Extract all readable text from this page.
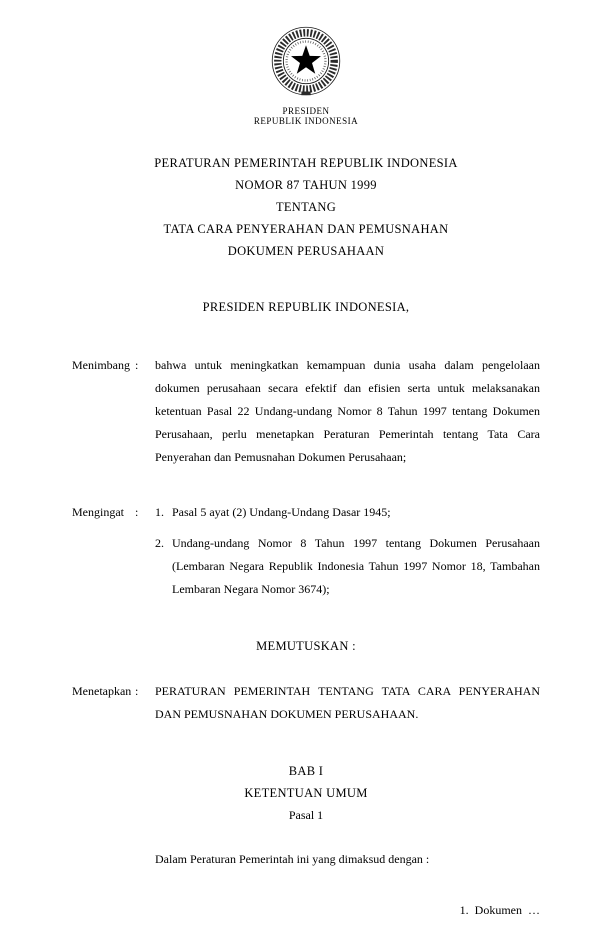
PRESIDEN
REPUBLIK INDONESIA
PERATURAN PEMERINTAH REPUBLIK INDONESIA
NOMOR 87 TAHUN 1999
TENTANG
TATA CARA PENYERAHAN DAN PEMUSNAHAN
DOKUMEN PERUSAHAAN
PRESIDEN REPUBLIK INDONESIA,
Menimbang :	bahwa untuk meningkatkan kemampuan dunia usaha dalam pengelolaan dokumen perusahaan secara efektif dan efisien serta untuk melaksanakan ketentuan Pasal 22 Undang-undang Nomor 8 Tahun 1997 tentang Dokumen Perusahaan, perlu menetapkan Peraturan Pemerintah tentang Tata Cara Penyerahan dan Pemusnahan Dokumen Perusahaan;
Mengingat :	1. Pasal 5 ayat (2) Undang-Undang Dasar 1945;
2. Undang-undang Nomor 8 Tahun 1997 tentang Dokumen Perusahaan (Lembaran Negara Republik Indonesia Tahun 1997 Nomor 18, Tambahan Lembaran Negara Nomor 3674);
MEMUTUSKAN :
Menetapkan :	PERATURAN PEMERINTAH TENTANG TATA CARA PENYERAHAN DAN PEMUSNAHAN DOKUMEN PERUSAHAAN.
BAB I
KETENTUAN UMUM
Pasal 1
Dalam Peraturan Pemerintah ini yang dimaksud dengan :
1.  Dokumen  …
